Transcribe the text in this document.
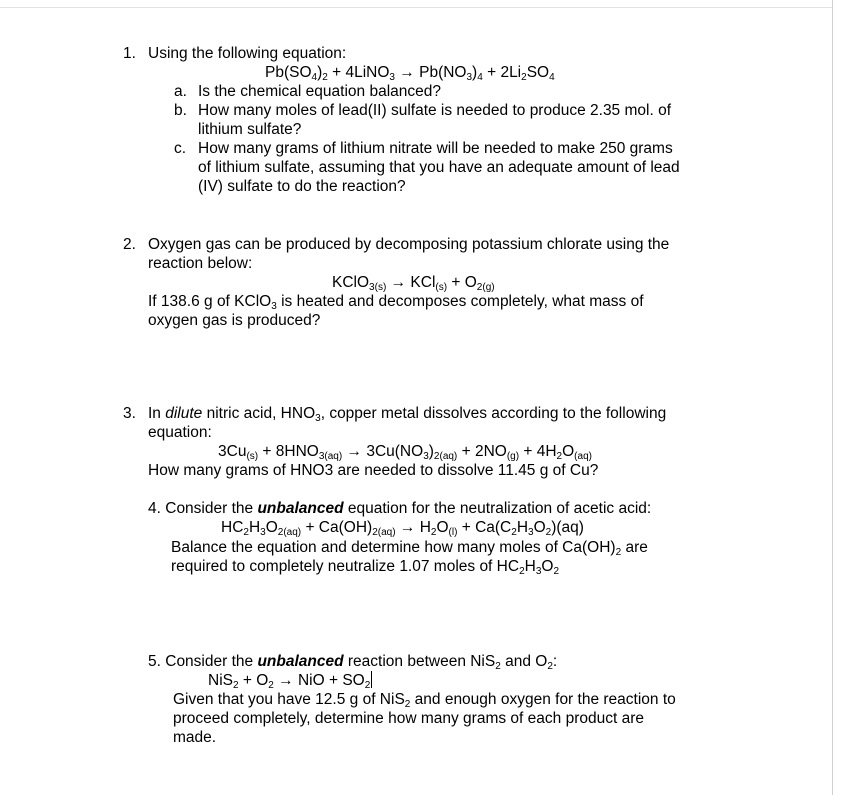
1. Using the following equation:
$Pb(SO_4)_2$ + 4LiNO$_3$ → $Pb(NO_3)_4 + 2Li_2SO_4$
a. Is the chemical equation balanced?
b. How many moles of lead(II) sulfate is needed to produce 2.35 mol. of
lithium sulfate?
c. How many grams of lithium nitrate will be needed to make 250 grams
of lithium sulfate, assuming that you have an adequate amount of lead
(IV) sulfate to do the reaction?
2. Oxygen gas can be produced by decomposing potassium chlorate using the
reaction below:
KClO$_{3(s)}$ → $KCl_{(s)} + O_{2(g)}$
If 138.6 g of KClO$_3$ is heated and decomposes completely, what mass of
oxygen gas is produced?
3. In dilute nitric acid, $HNO_3$, copper metal dissolves according to the following
equation:
$3Cu_{(s)} + 8HNO_{3(aq)} \to 3Cu(NO_3)_{2(aq)} + 2NO_{(g)} + 4H_2O_{(aq)}$
How many grams of HNO3 are needed to dissolve 11.45 g of Cu?
4. Consider the unbalanced equation for the neutralization of acetic acid:
$HC_2H_3O_{2(aq)} + Ca(OH)_{2(aq)} \to H_2O_{(l)} + Ca(C_2H_3O_2)(aq)$
Balance the equation and determine how many moles of $Ca(OH)_2$ are
required to completely neutralize 1.07 moles of $HC_2H_3O_2$
5. Consider the unbalanced reaction between NiS$_2$ and $O_2$:
$NiS_2 + O_2$ → NiO + $SO_2$
Given that you have 12.5 g of NiS$_2$ and enough oxygen for the reaction to
proceed completely, determine how many grams of each product are
made.
